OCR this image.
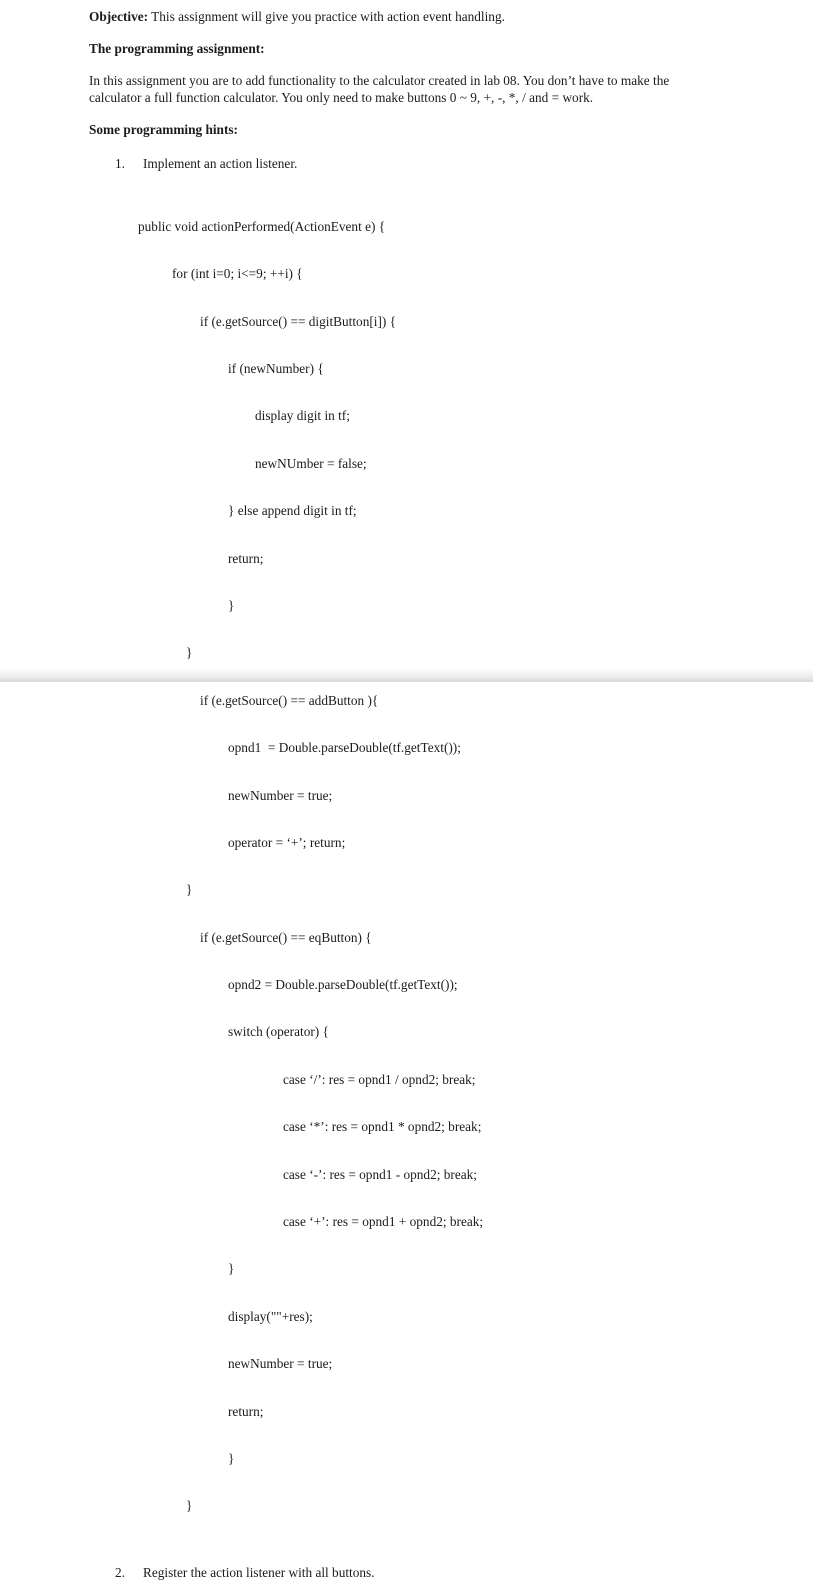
Objective: This assignment will give you practice with action event handling.

The programming assignment:

In this assignment you are to add functionality to the calculator created in lab 08. You don’t have to make the calculator a full function calculator. You only need to make buttons 0 ~ 9, +, -, *, / and = work.

Some programming hints:

1.	Implement an action listener.

public void actionPerformed(ActionEvent e) {

for (int i=0; i<=9; ++i) {

if (e.getSource() == digitButton[i]) {

if (newNumber) {

display digit in tf;

newNUmber = false;

} else append digit in tf;

return;

}

}

if (e.getSource() == addButton ){

opnd1  = Double.parseDouble(tf.getText());

newNumber = true;

operator = ‘+’; return;

}

if (e.getSource() == eqButton) {

opnd2 = Double.parseDouble(tf.getText());

switch (operator) {

case ‘/’: res = opnd1 / opnd2; break;

case ‘*’: res = opnd1 * opnd2; break;

case ‘-’: res = opnd1 - opnd2; break;

case ‘+’: res = opnd1 + opnd2; break;

}

display(""+res);

newNumber = true;

return;

}

}

2.	Register the action listener with all buttons.
